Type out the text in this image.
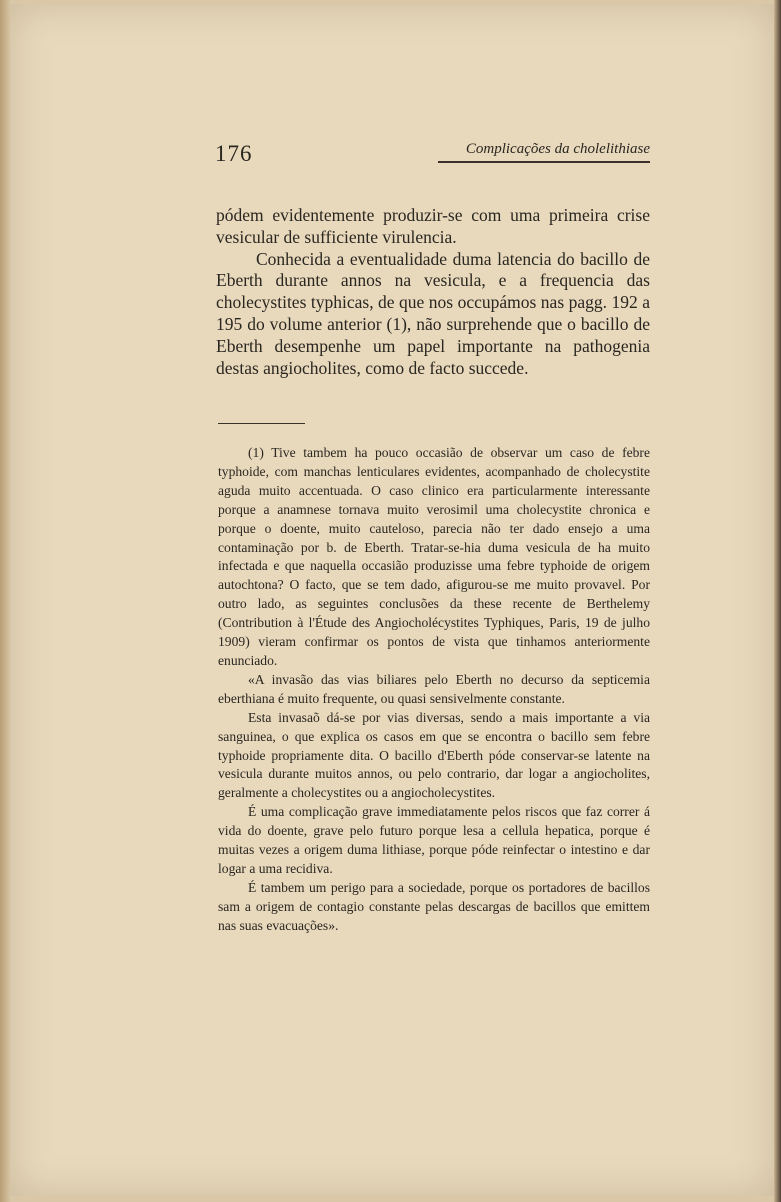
176	Complicações da cholelithiase

pódem evidentemente produzir-se com uma primeira crise vesicular de sufficiente virulencia.

Conhecida a eventualidade duma latencia do bacillo de Eberth durante annos na vesicula, e a frequencia das cholecystites typhicas, de que nos occupámos nas pagg. 192 a 195 do volume anterior (1), não surprehende que o bacillo de Eberth desempenhe um papel importante na pathogenia destas angiocholites, como de facto succede.

(1) Tive tambem ha pouco occasião de observar um caso de febre typhoide, com manchas lenticulares evidentes, acompanhado de cholecystite aguda muito accentuada. O caso clinico era particularmente interessante porque a anamnese tornava muito verosimil uma cholecystite chronica e porque o doente, muito cauteloso, parecia não ter dado ensejo a uma contaminação por b. de Eberth. Tratar-se-hia duma vesicula de ha muito infectada e que naquella occasião produzisse uma febre typhoide de origem autochtona? O facto, que se tem dado, afigurou-se me muito provavel. Por outro lado, as seguintes conclusões da these recente de Berthelemy (Contribution à l'Étude des Angiocholécystites Typhiques, Paris, 19 de julho 1909) vieram confirmar os pontos de vista que tinhamos anteriormente enunciado.

«A invasão das vias biliares pelo Eberth no decurso da septicemia eberthiana é muito frequente, ou quasi sensivelmente constante.

Esta invasaõ dá-se por vias diversas, sendo a mais importante a via sanguinea, o que explica os casos em que se encontra o bacillo sem febre typhoide propriamente dita. O bacillo d'Eberth póde conservar-se latente na vesicula durante muitos annos, ou pelo contrario, dar logar a angiocholites, geralmente a cholecystites ou a angiocholecystites.

É uma complicação grave immediatamente pelos riscos que faz correr á vida do doente, grave pelo futuro porque lesa a cellula hepatica, porque é muitas vezes a origem duma lithiase, porque póde reinfectar o intestino e dar logar a uma recidiva.

É tambem um perigo para a sociedade, porque os portadores de bacillos sam a origem de contagio constante pelas descargas de bacillos que emittem nas suas evacuações».
